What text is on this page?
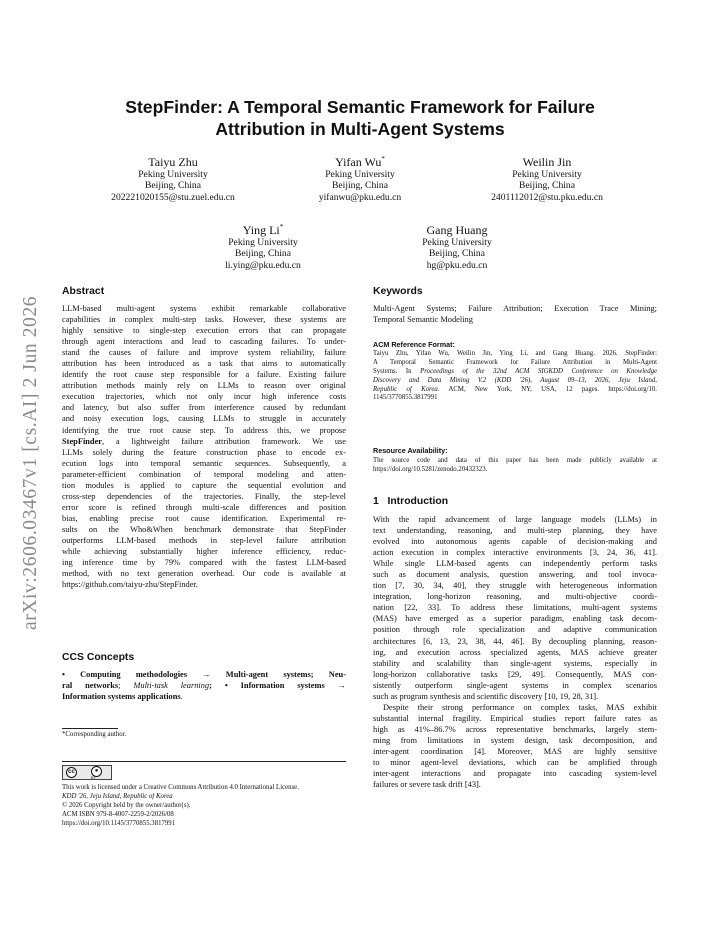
arXiv:2606.03467v1 [cs.AI] 2 Jun 2026
StepFinder: A Temporal Semantic Framework for Failure
Attribution in Multi-Agent Systems
Taiyu Zhu
Peking University
Beijing, China
202221020155@stu.zuel.edu.cn
Yifan Wu*
Peking University
Beijing, China
yifanwu@pku.edu.cn
Weilin Jin
Peking University
Beijing, China
2401112012@stu.pku.edu.cn
Ying Li*
Peking University
Beijing, China
li.ying@pku.edu.cn
Gang Huang
Peking University
Beijing, China
hg@pku.edu.cn
Abstract
LLM-based multi-agent systems exhibit remarkable collaborative
capabilities in complex multi-step tasks. However, these systems are
highly sensitive to single-step execution errors that can propagate
through agent interactions and lead to cascading failures. To under-
stand the causes of failure and improve system reliability, failure
attribution has been introduced as a task that aims to automatically
identify the root cause step responsible for a failure. Existing failure
attribution methods mainly rely on LLMs to reason over original
execution trajectories, which not only incur high inference costs
and latency, but also suffer from interference caused by redundant
and noisy execution logs, causing LLMs to struggle in accurately
identifying the true root cause step. To address this, we propose
StepFinder, a lightweight failure attribution framework. We use
LLMs solely during the feature construction phase to encode ex-
ecution logs into temporal semantic sequences. Subsequently, a
parameter-efficient combination of temporal modeling and atten-
tion modules is applied to capture the sequential evolution and
cross-step dependencies of the trajectories. Finally, the step-level
error score is refined through multi-scale differences and position
bias, enabling precise root cause identification. Experimental re-
sults on the Who&When benchmark demonstrate that StepFinder
outperforms LLM-based methods in step-level failure attribution
while achieving substantially higher inference efficiency, reduc-
ing inference time by 79% compared with the fastest LLM-based
method, with no text generation overhead. Our code is available at
https://github.com/taiyu-zhu/StepFinder.
CCS Concepts
• Computing methodologies → Multi-agent systems; Neu-
ral networks; Multi-task learning; • Information systems →
Information systems applications.
*Corresponding author.
cc	●
BY
This work is licensed under a Creative Commons Attribution 4.0 International License.
KDD '26, Jeju Island, Republic of Korea
© 2026 Copyright held by the owner/author(s).
ACM ISBN 979-8-4007-2259-2/2026/08
https://doi.org/10.1145/3770855.3817991
Keywords
Multi-Agent Systems; Failure Attribution; Execution Trace Mining;
Temporal Semantic Modeling
ACM Reference Format:
Taiyu Zhu, Yifan Wu, Weilin Jin, Ying Li, and Gang Huang. 2026. StepFinder:
A Temporal Semantic Framework for Failure Attribution in Multi-Agent
Systems. In Proceedings of the 32nd ACM SIGKDD Conference on Knowledge
Discovery and Data Mining V.2 (KDD '26), August 09–13, 2026, Jeju Island,
Republic of Korea. ACM, New York, NY, USA, 12 pages. https://doi.org/10.
1145/3770855.3817991
Resource Availability:
The source code and data of this paper has been made publicly available at
https://doi.org/10.5281/zenodo.20432323.
1 Introduction
With the rapid advancement of large language models (LLMs) in
text understanding, reasoning, and multi-step planning, they have
evolved into autonomous agents capable of decision-making and
action execution in complex interactive environments [3, 24, 36, 41].
While single LLM-based agents can independently perform tasks
such as document analysis, question answering, and tool invoca-
tion [7, 30, 34, 40], they struggle with heterogeneous information
integration, long-horizon reasoning, and multi-objective coordi-
nation [22, 33]. To address these limitations, multi-agent systems
(MAS) have emerged as a superior paradigm, enabling task decom-
position through role specialization and adaptive communication
architectures [6, 13, 23, 38, 44, 46]. By decoupling planning, reason-
ing, and execution across specialized agents, MAS achieve greater
stability and scalability than single-agent systems, especially in
long-horizon collaborative tasks [29, 49]. Consequently, MAS con-
sistently outperform single-agent systems in complex scenarios
such as program synthesis and scientific discovery [10, 19, 28, 31].
Despite their strong performance on complex tasks, MAS exhibit
substantial internal fragility. Empirical studies report failure rates as
high as 41%–86.7% across representative benchmarks, largely stem-
ming from limitations in system design, task decomposition, and
inter-agent coordination [4]. Moreover, MAS are highly sensitive
to minor agent-level deviations, which can be amplified through
inter-agent interactions and propagate into cascading system-level
failures or severe task drift [43].
